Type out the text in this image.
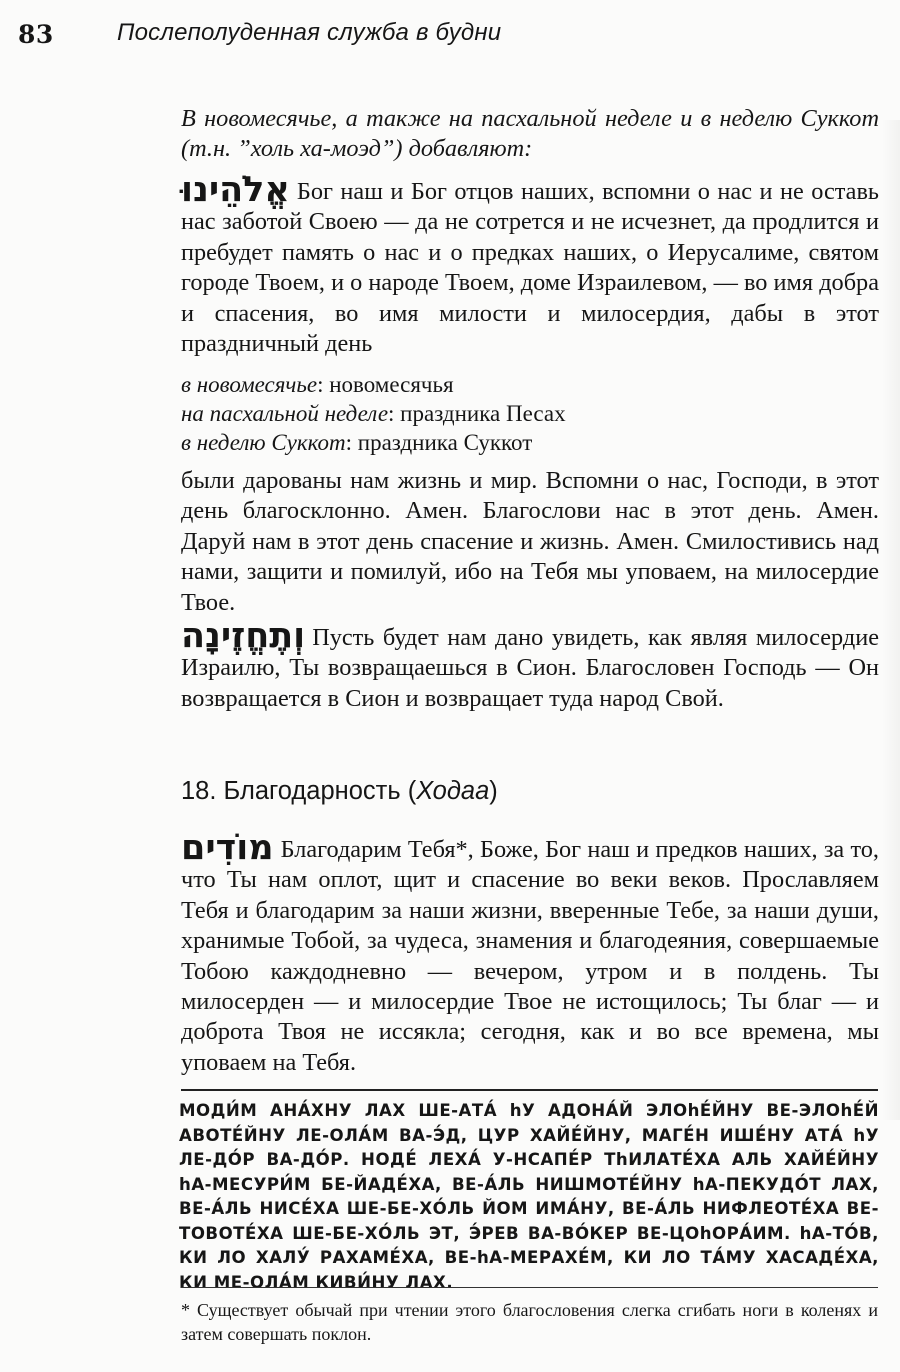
83	Послеполуденная служба в будни
В новомесячье, а также на пасхальной неделе и в неделю Суккот (т.н. ”холь ха-моэд”) добавляют:
אֱלֹהֵינוּ Бог наш и Бог отцов наших, вспомни о нас и не оставь нас заботой Своею — да не сотрется и не исчезнет, да продлится и пребудет память о нас и о предках наших, о Иерусалиме, святом городе Твоем, и о народе Твоем, доме Израилевом, — во имя добра и спасения, во имя милости и милосердия, дабы в этот праздничный день
в новомесячье: новомесячья
на пасхальной неделе: праздника Песах
в неделю Суккот: праздника Суккот
были дарованы нам жизнь и мир. Вспомни о нас, Господи, в этот день благосклонно. Амен. Благослови нас в этот день. Амен. Даруй нам в этот день спасение и жизнь. Амен. Смилостивись над нами, защити и помилуй, ибо на Тебя мы уповаем, на милосердие Твое.
וְתֶחֱזֶינָה Пусть будет нам дано увидеть, как являя милосердие Израилю, Ты возвращаешься в Сион. Благословен Господь — Он возвращается в Сион и возвращает туда народ Свой.
18. Благодарность (Ходаа)
מוֹדִים Благодарим Тебя*, Боже, Бог наш и предков наших, за то, что Ты нам оплот, щит и спасение во веки веков. Прославляем Тебя и благодарим за наши жизни, вверенные Тебе, за наши души, хранимые Тобой, за чудеса, знамения и благодеяния, совершаемые Тобою каждодневно — вечером, утром и в полдень. Ты милосерден — и милосердие Твое не истощилось; Ты благ — и доброта Твоя не иссякла; сегодня, как и во все времена, мы уповаем на Тебя.
МОДИ́М АНА́ХНУ ЛАХ ШЕ-АТА́ hУ АДОНА́Й ЭЛОhЕ́ЙНУ ВЕ-ЭЛОhЕ́Й АВОТЕ́ЙНУ ЛЕ-ОЛА́М ВА-Э́Д, ЦУР ХАЙЕ́ЙНУ, МАГЕ́Н ИШЕ́НУ АТА́ hУ ЛЕ-ДО́Р ВА-ДО́Р. НОДЕ́ ЛЕХА́ У-НСАПЕ́Р ТhИЛАТЕ́ХА АЛЬ ХАЙЕ́ЙНУ hА-МЕСУРИ́М БЕ-ЙАДЕ́ХА, ВЕ-А́ЛЬ НИШМОТЕ́ЙНУ hА-ПЕКУДО́Т ЛАХ, ВЕ-А́ЛЬ НИСЕ́ХА ШЕ-БЕ-ХО́ЛЬ ЙОМ ИМА́НУ, ВЕ-А́ЛЬ НИФЛЕОТЕ́ХА ВЕ-ТОВОТЕ́ХА ШЕ-БЕ-ХО́ЛЬ ЭТ, Э́РЕВ ВА-ВО́КЕР ВЕ-ЦОhОРА́ИМ. hА-ТО́В, КИ ЛО ХАЛУ́ РАХАМЕ́ХА, ВЕ-hА-МЕРАХЕ́М, КИ ЛО ТА́МУ ХАСАДЕ́ХА, КИ МЕ-ОЛА́М КИВИ́НУ ЛАХ.
* Существует обычай при чтении этого благословения слегка сгибать ноги в коленях и затем совершать поклон.
